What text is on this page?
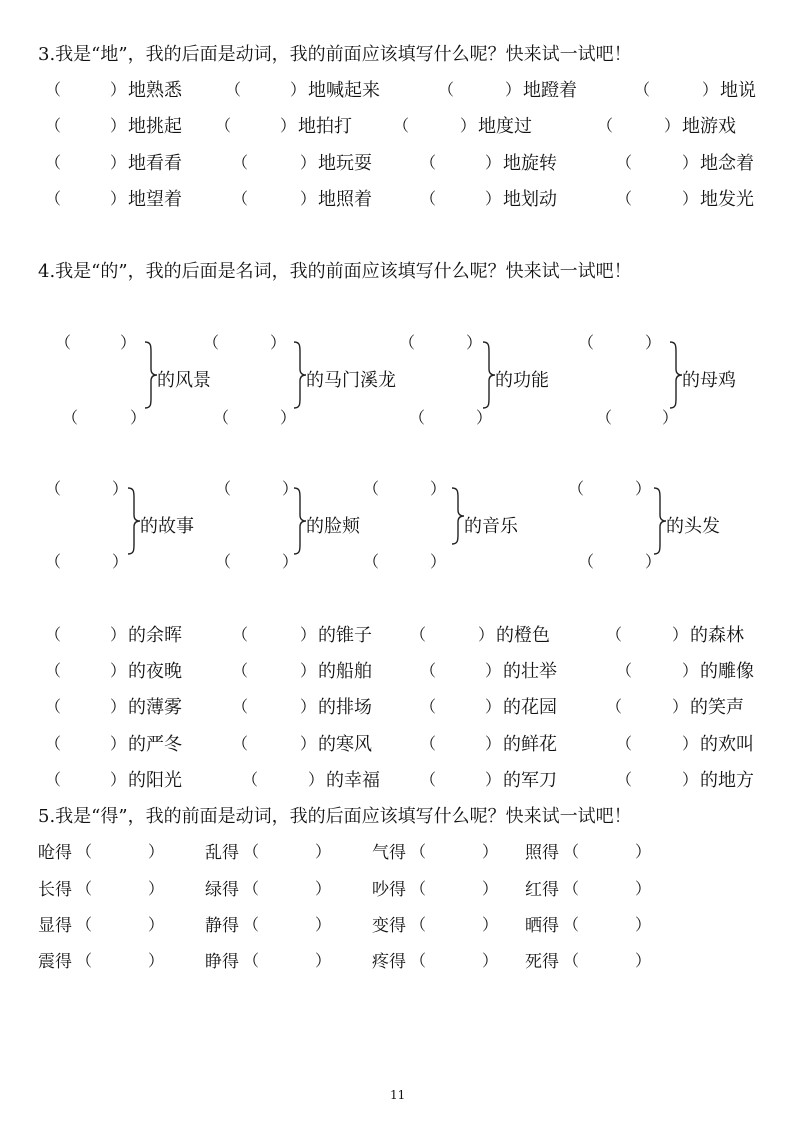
3.我是“地”，我的后面是动词，我的前面应该填写什么呢？快来试一试吧！
（	） 地熟悉	（	） 地喊起来	（	） 地蹬着	（	） 地说
（	） 地挑起 （	） 地拍打	（	） 地度过	（	） 地游戏
（	） 地看看	（	） 地玩耍	（	） 地旋转	（	） 地念着
（	） 地望着	（	） 地照着	（	） 地划动	（	） 地发光
4.我是“的”，我的后面是名词，我的前面应该填写什么呢？快来试一试吧！
（	）
（	）
的风景
（	）
（	）
的马门溪龙
（	）
（	）
的功能
（	）
（	）
的母鸡
（	）
（	）
的故事
（	）
（	）
的脸颊
（	）
（	）
的音乐
（	）
（	）
的头发
（	） 的余晖	（	） 的锥子 （	） 的橙色	（	） 的森林
（	） 的夜晚	（	） 的船舶	（	） 的壮举	（	） 的雕像
（	） 的薄雾	（	） 的排场	（	） 的花园	（	） 的笑声
（	） 的严冬	（	） 的寒风	（	） 的鲜花	（	） 的欢叫
（	） 的阳光	（	） 的幸福	（	） 的军刀	（	） 的地方
5.我是“得”，我的前面是动词，我的后面应该填写什么呢？快来试一试吧！
呛得 （	） 乱得 （	） 气得 （	） 照得 （	）
长得 （	） 绿得 （	） 吵得 （	） 红得 （	）
显得 （	） 静得 （	） 变得 （	） 晒得 （	）
震得 （	） 睁得 （	） 疼得 （	） 死得 （	）
11
